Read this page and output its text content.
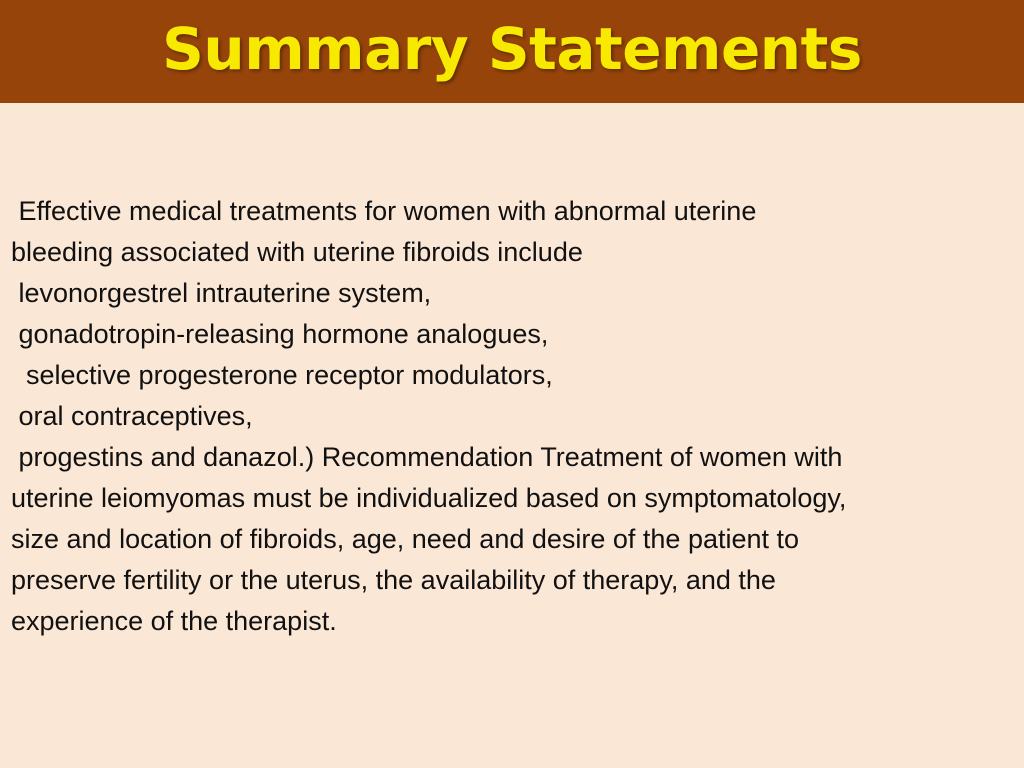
Summary Statements
Effective medical treatments for women with abnormal uterine
bleeding associated with uterine fibroids include
levonorgestrel intrauterine system,
gonadotropin-releasing hormone analogues,
selective progesterone receptor modulators,
oral contraceptives,
progestins and danazol.) Recommendation Treatment of women with
uterine leiomyomas must be individualized based on symptomatology,
size and location of fibroids, age, need and desire of the patient to
preserve fertility or the uterus, the availability of therapy, and the
experience of the therapist.
